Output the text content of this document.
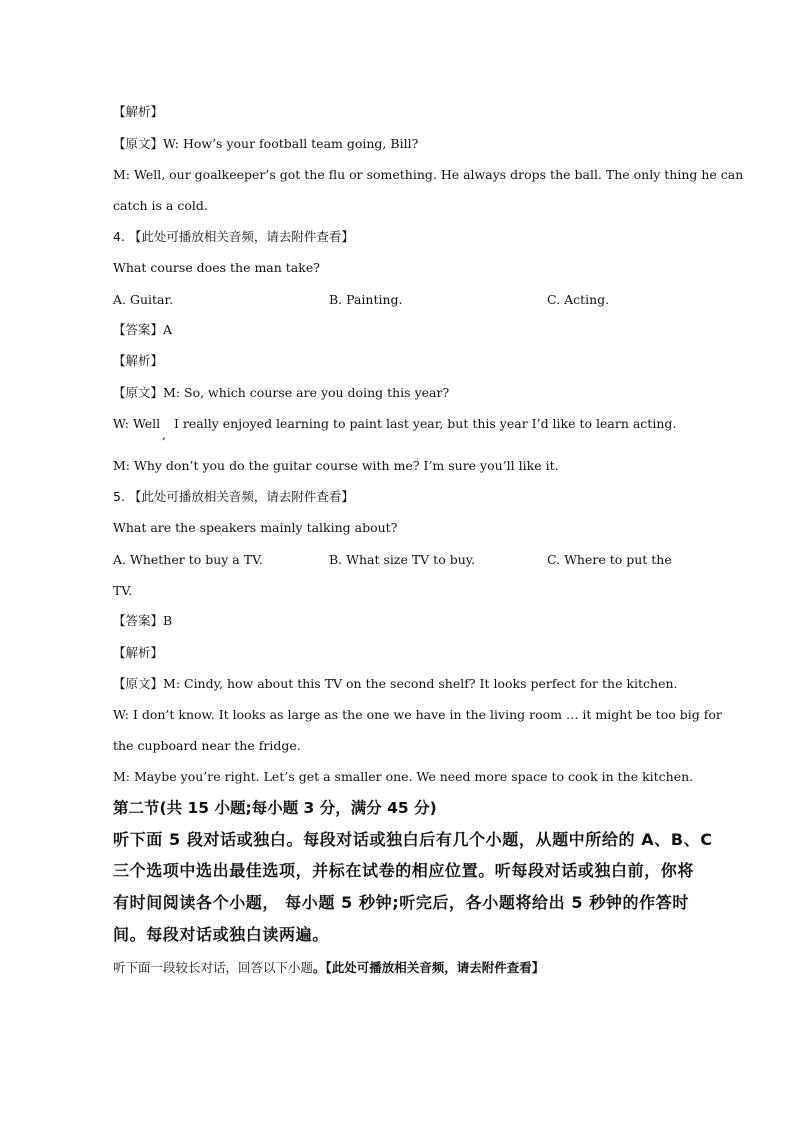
【解析】
【原文】W: How’s your football team going, Bill?
M: Well, our goalkeeper’s got the flu or something. He always drops the ball. The only thing he can
catch is a cold.
4. 【此处可播放相关音频，请去附件查看】
What course does the man take?
A. Guitar.	B. Painting.	C. Acting.
【答案】A
【解析】
【原文】M: So, which course are you doing this year?
W: Well
,
I really enjoyed learning to paint last year, but this year I’d like to learn acting.
M: Why don’t you do the guitar course with me? I’m sure you’ll like it.
5. 【此处可播放相关音频，请去附件查看】
What are the speakers mainly talking about?
A. Whether to buy a TV.	B. What size TV to buy.	C. Where to put the
TV.
【答案】B
【解析】
【原文】M: Cindy, how about this TV on the second shelf? It looks perfect for the kitchen.
W: I don’t know. It looks as large as the one we have in the living room … it might be too big for
the cupboard near the fridge.
M: Maybe you’re right. Let’s get a smaller one. We need more space to cook in the kitchen.
第二节(共 15 小题;每小题 3 分，满分 45 分)
听下面 5 段对话或独白。每段对话或独白后有几个小题，从题中所给的 A、B、C
三个选项中选出最佳选项，并标在试卷的相应位置。听每段对话或独白前，你将
有时间阅读各个小题， 每小题 5 秒钟;听完后，各小题将给出 5 秒钟的作答时
间。每段对话或独白读两遍。
听下面一段较长对话，回答以下小题。【此处可播放相关音频，请去附件查看】
